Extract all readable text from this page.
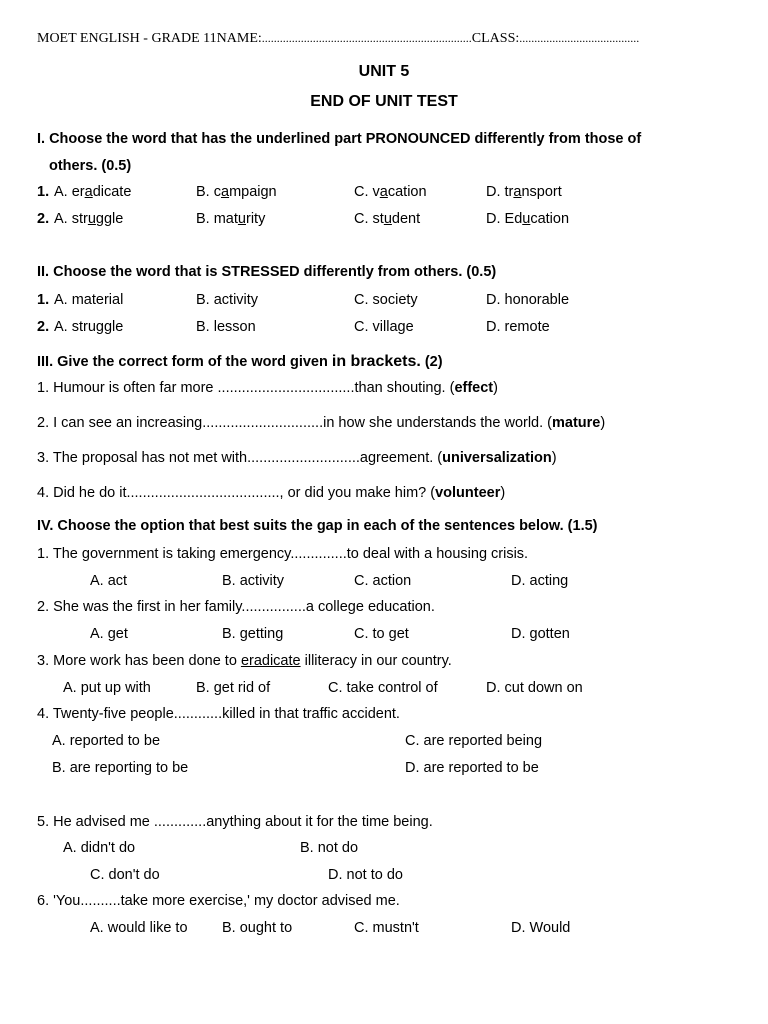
MOET ENGLISH - GRADE 11NAME:......................................................................CLASS:........................................
UNIT 5
END OF UNIT TEST
I. Choose the word that has the underlined part PRONOUNCED differently from those of
others. (0.5)
1. A. eradicate	B. campaign	C. vacation	D. transport
2. A. struggle	B. maturity	C. student	D. Education
II. Choose the word that is STRESSED differently from others. (0.5)
1. A. material	B. activity	C. society	D. honorable
2. A. struggle	B. lesson	C. village	D. remote
III. Give the correct form of the word given in brackets. (2)
1. Humour is often far more ..................................than shouting. (effect)
2. I can see an increasing..............................in how she understands the world. (mature)
3. The proposal has not met with............................agreement. (universalization)
4. Did he do it......................................, or did you make him? (volunteer)
IV. Choose the option that best suits the gap in each of the sentences below. (1.5)
1. The government is taking emergency..............to deal with a housing crisis.
A. act	B. activity	C. action	D. acting
2. She was the first in her family................a college education.
A. get	B. getting	C. to get	D. gotten
3. More work has been done to eradicate illiteracy in our country.
A. put up with	B. get rid of	C. take control of	D. cut down on
4. Twenty-five people............killed in that traffic accident.
A. reported to be	C. are reported being
B. are reporting to be	D. are reported to be
5. He advised me .............anything about it for the time being.
A. didn't do	B. not do
C. don't do	D. not to do
6. 'You..........take more exercise,' my doctor advised me.
A. would like to B. ought to	C. mustn't	D. Would
